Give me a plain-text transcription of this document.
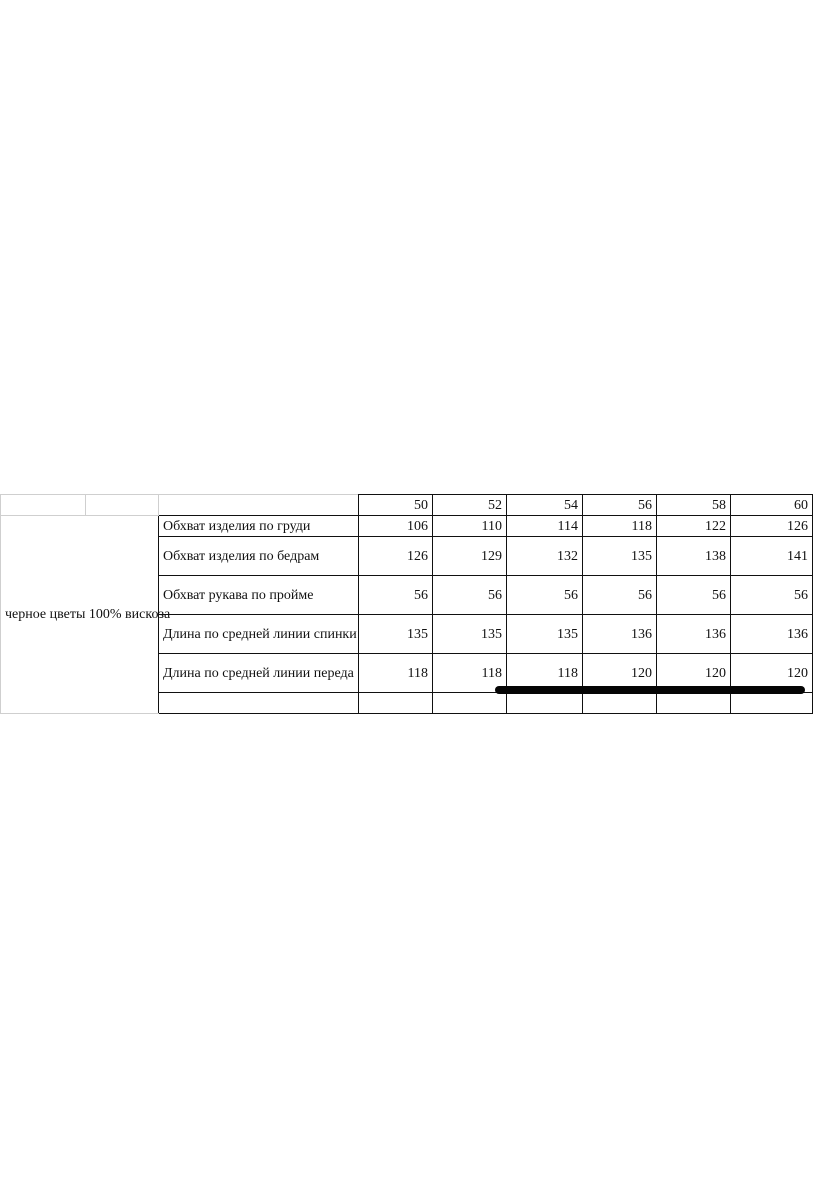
			50	52	54	56	58	60
черное цветы 100% вискоза		Обхват изделия по груди	106	110	114	118	122	126
		Обхват изделия по бедрам	126	129	132	135	138	141
		Обхват рукава по пройме	56	56	56	56	56	56
		Длина по средней линии спинки	135	135	135	136	136	136
		Длина по средней линии переда	118	118	118	120	120	120
